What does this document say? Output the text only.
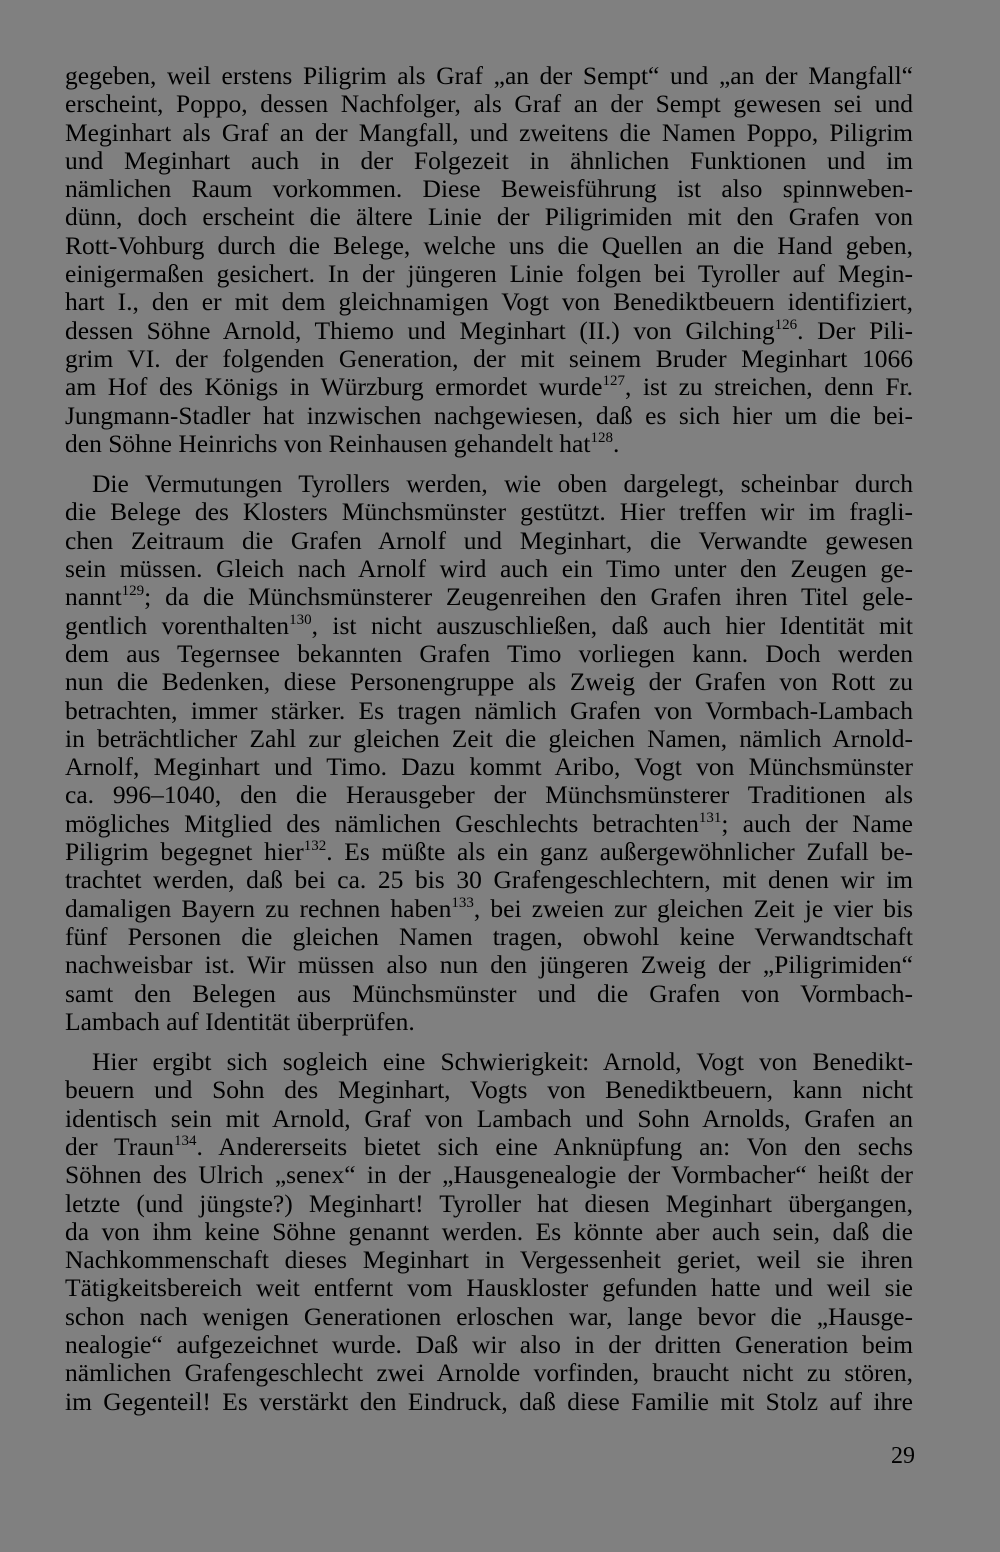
gegeben, weil erstens Piligrim als Graf „an der Sempt“ und „an der Mangfall“
erscheint, Poppo, dessen Nachfolger, als Graf an der Sempt gewesen sei und
Meginhart als Graf an der Mangfall, und zweitens die Namen Poppo, Piligrim
und Meginhart auch in der Folgezeit in ähnlichen Funktionen und im
nämlichen Raum vorkommen. Diese Beweisführung ist also spinnweben-
dünn, doch erscheint die ältere Linie der Piligrimiden mit den Grafen von
Rott-Vohburg durch die Belege, welche uns die Quellen an die Hand geben,
einigermaßen gesichert. In der jüngeren Linie folgen bei Tyroller auf Megin-
hart I., den er mit dem gleichnamigen Vogt von Benediktbeuern identifiziert,
dessen Söhne Arnold, Thiemo und Meginhart (II.) von Gilching$^{126}$. Der Pili-
grim VI. der folgenden Generation, der mit seinem Bruder Meginhart 1066
am Hof des Königs in Würzburg ermordet wurde$^{127}$, ist zu streichen, denn Fr.
Jungmann-Stadler hat inzwischen nachgewiesen, daß es sich hier um die bei-
den Söhne Heinrichs von Reinhausen gehandelt hat$^{128}$.
Die Vermutungen Tyrollers werden, wie oben dargelegt, scheinbar durch
die Belege des Klosters Münchsmünster gestützt. Hier treffen wir im fragli-
chen Zeitraum die Grafen Arnolf und Meginhart, die Verwandte gewesen
sein müssen. Gleich nach Arnolf wird auch ein Timo unter den Zeugen ge-
nannt$^{129}$; da die Münchsmünsterer Zeugenreihen den Grafen ihren Titel gele-
gentlich vorenthalten$^{130}$, ist nicht auszuschließen, daß auch hier Identität mit
dem aus Tegernsee bekannten Grafen Timo vorliegen kann. Doch werden
nun die Bedenken, diese Personengruppe als Zweig der Grafen von Rott zu
betrachten, immer stärker. Es tragen nämlich Grafen von Vormbach-Lambach
in beträchtlicher Zahl zur gleichen Zeit die gleichen Namen, nämlich Arnold-
Arnolf, Meginhart und Timo. Dazu kommt Aribo, Vogt von Münchsmünster
ca. 996–1040, den die Herausgeber der Münchsmünsterer Traditionen als
mögliches Mitglied des nämlichen Geschlechts betrachten$^{131}$; auch der Name
Piligrim begegnet hier$^{132}$. Es müßte als ein ganz außergewöhnlicher Zufall be-
trachtet werden, daß bei ca. 25 bis 30 Grafengeschlechtern, mit denen wir im
damaligen Bayern zu rechnen haben$^{133}$, bei zweien zur gleichen Zeit je vier bis
fünf Personen die gleichen Namen tragen, obwohl keine Verwandtschaft
nachweisbar ist. Wir müssen also nun den jüngeren Zweig der „Piligrimiden“
samt den Belegen aus Münchsmünster und die Grafen von Vormbach-
Lambach auf Identität überprüfen.
Hier ergibt sich sogleich eine Schwierigkeit: Arnold, Vogt von Benedikt-
beuern und Sohn des Meginhart, Vogts von Benediktbeuern, kann nicht
identisch sein mit Arnold, Graf von Lambach und Sohn Arnolds, Grafen an
der Traun$^{134}$. Andererseits bietet sich eine Anknüpfung an: Von den sechs
Söhnen des Ulrich „senex“ in der „Hausgenealogie der Vormbacher“ heißt der
letzte (und jüngste?) Meginhart! Tyroller hat diesen Meginhart übergangen,
da von ihm keine Söhne genannt werden. Es könnte aber auch sein, daß die
Nachkommenschaft dieses Meginhart in Vergessenheit geriet, weil sie ihren
Tätigkeitsbereich weit entfernt vom Hauskloster gefunden hatte und weil sie
schon nach wenigen Generationen erloschen war, lange bevor die „Hausge-
nealogie“ aufgezeichnet wurde. Daß wir also in der dritten Generation beim
nämlichen Grafengeschlecht zwei Arnolde vorfinden, braucht nicht zu stören,
im Gegenteil! Es verstärkt den Eindruck, daß diese Familie mit Stolz auf ihre
29
